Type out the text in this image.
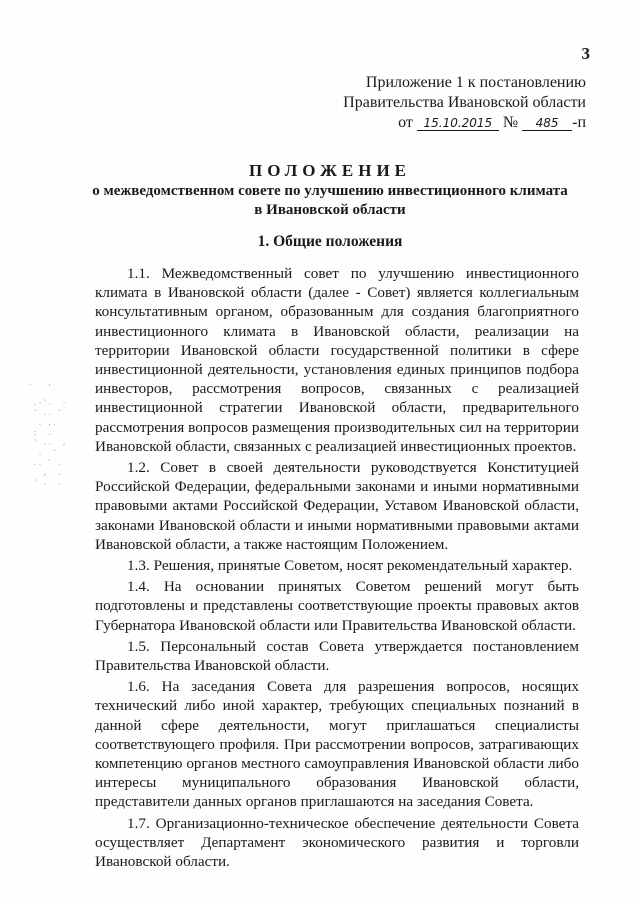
3
Приложение 1 к постановлению
Правительства Ивановской области
от 15.10.2015 № 485 -п
ПОЛОЖЕНИЕ
о межведомственном совете по улучшению инвестиционного климата
в Ивановской области
1. Общие положения

1.1. Межведомственный совет по улучшению инвестиционного климата в Ивановской области (далее - Совет) является коллегиальным консультативным органом, образованным для создания благоприятного инвестиционного климата в Ивановской области, реализации на территории Ивановской области государственной политики в сфере инвестиционной деятельности, установления единых принципов подбора инвесторов, рассмотрения вопросов, связанных с реализацией инвестиционной стратегии Ивановской области, предварительного рассмотрения вопросов размещения производительных сил на территории Ивановской области, связанных с реализацией инвестиционных проектов.

1.2. Совет в своей деятельности руководствуется Конституцией Российской Федерации, федеральными законами и иными нормативными правовыми актами Российской Федерации, Уставом Ивановской области, законами Ивановской области и иными нормативными правовыми актами Ивановской области, а также настоящим Положением.

1.3. Решения, принятые Советом, носят рекомендательный характер.

1.4. На основании принятых Советом решений могут быть подготовлены и представлены соответствующие проекты правовых актов Губернатора Ивановской области или Правительства Ивановской области.

1.5. Персональный состав Совета утверждается постановлением Правительства Ивановской области.

1.6. На заседания Совета для разрешения вопросов, носящих технический либо иной характер, требующих специальных познаний в данной сфере деятельности, могут приглашаться специалисты соответствующего профиля. При рассмотрении вопросов, затрагивающих компетенцию органов местного самоуправления Ивановской области либо интересы муниципального образования Ивановской области, представители данных органов приглашаются на заседания Совета.

1.7. Организационно-техническое обеспечение деятельности Совета осуществляет Департамент экономического развития и торговли Ивановской области.

.   ,

.-'.  -
' .. '
. ,.
:  .
' ..  ,
.  '
.. ' .
,  .
' .  .
